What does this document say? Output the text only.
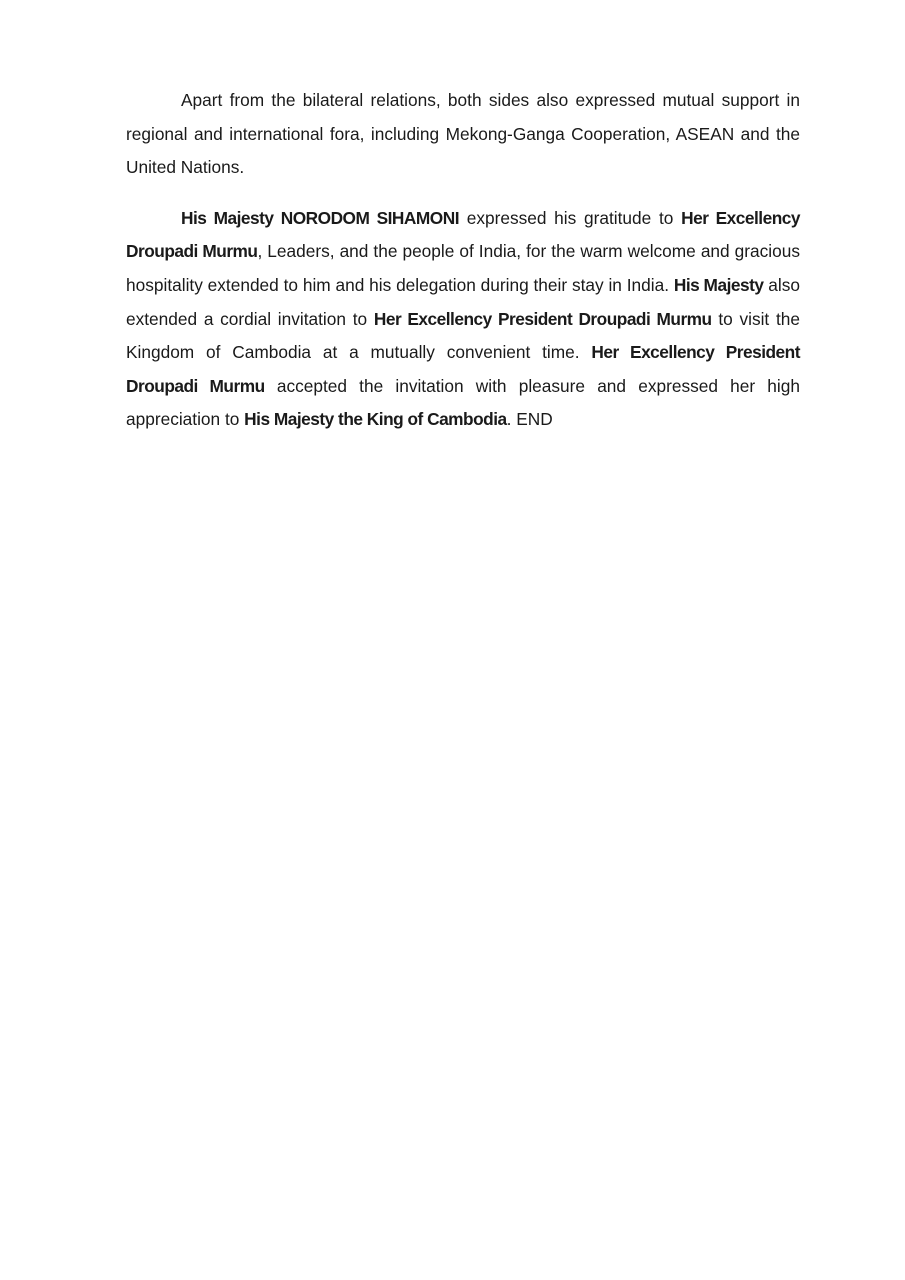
Apart from the bilateral relations, both sides also expressed mutual support in regional and international fora, including Mekong-Ganga Cooperation, ASEAN and the United Nations.

His Majesty NORODOM SIHAMONI expressed his gratitude to Her Excellency Droupadi Murmu, Leaders, and the people of India, for the warm welcome and gracious hospitality extended to him and his delegation during their stay in India. His Majesty also extended a cordial invitation to Her Excellency President Droupadi Murmu to visit the Kingdom of Cambodia at a mutually convenient time. Her Excellency President Droupadi Murmu accepted the invitation with pleasure and expressed her high appreciation to His Majesty the King of Cambodia. END
